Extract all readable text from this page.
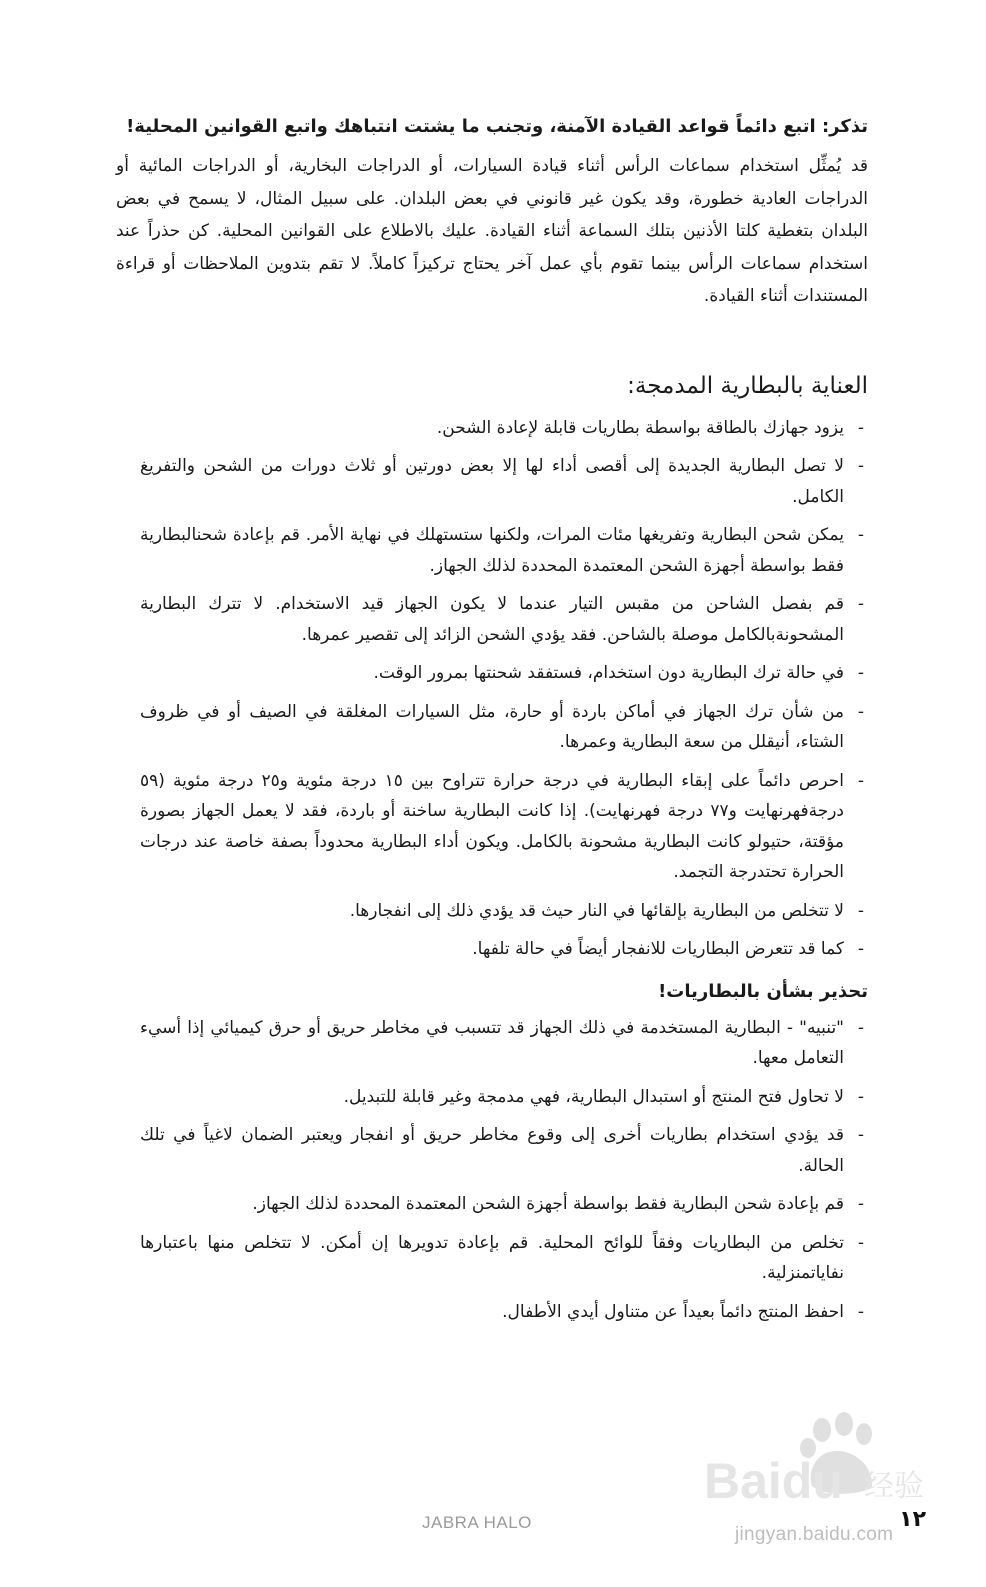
تذكر: اتبع دائماً قواعد القيادة الآمنة، وتجنب ما يشتت انتباهك واتبع القوانين المحلية!

قد يُمثِّل استخدام سماعات الرأس أثناء قيادة السيارات، أو الدراجات البخارية، أو الدراجات المائية أو الدراجات العادية خطورة، وقد يكون غير قانوني في بعض البلدان. على سبيل المثال، لا يسمح في بعض البلدان بتغطية كلتا الأذنين بتلك السماعة أثناء القيادة. عليك بالاطلاع على القوانين المحلية. كن حذراً عند استخدام سماعات الرأس بينما تقوم بأي عمل آخر يحتاج تركيزاً كاملاً. لا تقم بتدوين الملاحظات أو قراءة المستندات أثناء القيادة.

العناية بالبطارية المدمجة:
-
يزود جهازك بالطاقة بواسطة بطاريات قابلة لإعادة الشحن.
-
لا تصل البطارية الجديدة إلى أقصى أداء لها إلا بعض دورتين أو ثلاث دورات من الشحن والتفريغ الكامل.
-
يمكن شحن البطارية وتفريغها مئات المرات، ولكنها ستستهلك في نهاية الأمر. قم بإعادة شحنالبطارية فقط بواسطة أجهزة الشحن المعتمدة المحددة لذلك الجهاز.
-
قم بفصل الشاحن من مقبس التيار عندما لا يكون الجهاز قيد الاستخدام. لا تترك البطارية المشحونةبالكامل موصلة بالشاحن. فقد يؤدي الشحن الزائد إلى تقصير عمرها.
-
في حالة ترك البطارية دون استخدام، فستفقد شحنتها بمرور الوقت.
-
من شأن ترك الجهاز في أماكن باردة أو حارة، مثل السيارات المغلقة في الصيف أو في ظروف الشتاء، أنيقلل من سعة البطارية وعمرها.
-
احرص دائماً على إبقاء البطارية في درجة حرارة تتراوح بين ١٥ درجة مئوية و٢٥ درجة مئوية (٥٩ درجةفهرنهايت و٧٧ درجة فهرنهايت). إذا كانت البطارية ساخنة أو باردة، فقد لا يعمل الجهاز بصورة مؤقتة، حتيولو كانت البطارية مشحونة بالكامل. ويكون أداء البطارية محدوداً بصفة خاصة عند درجات الحرارة تحتدرجة التجمد.
-
لا تتخلص من البطارية بإلقائها في النار حيث قد يؤدي ذلك إلى انفجارها.
-
كما قد تتعرض البطاريات للانفجار أيضاً في حالة تلفها.
تحذير بشأن بالبطاريات!
-
"تنبيه" - البطارية المستخدمة في ذلك الجهاز قد تتسبب في مخاطر حريق أو حرق كيميائي إذا أسيء التعامل معها.
-
لا تحاول فتح المنتج أو استبدال البطارية، فهي مدمجة وغير قابلة للتبديل.
-
قد يؤدي استخدام بطاريات أخرى إلى وقوع مخاطر حريق أو انفجار ويعتبر الضمان لاغياً في تلك الحالة.
-
قم بإعادة شحن البطارية فقط بواسطة أجهزة الشحن المعتمدة المحددة لذلك الجهاز.
-
تخلص من البطاريات وفقاً للوائح المحلية. قم بإعادة تدويرها إن أمكن. لا تتخلص منها باعتبارها نفاياتمنزلية.
-
احفظ المنتج دائماً بعيداً عن متناول أيدي الأطفال.
Baidu 经验
jingyan.baidu.com
JABRA HALO	١٢
